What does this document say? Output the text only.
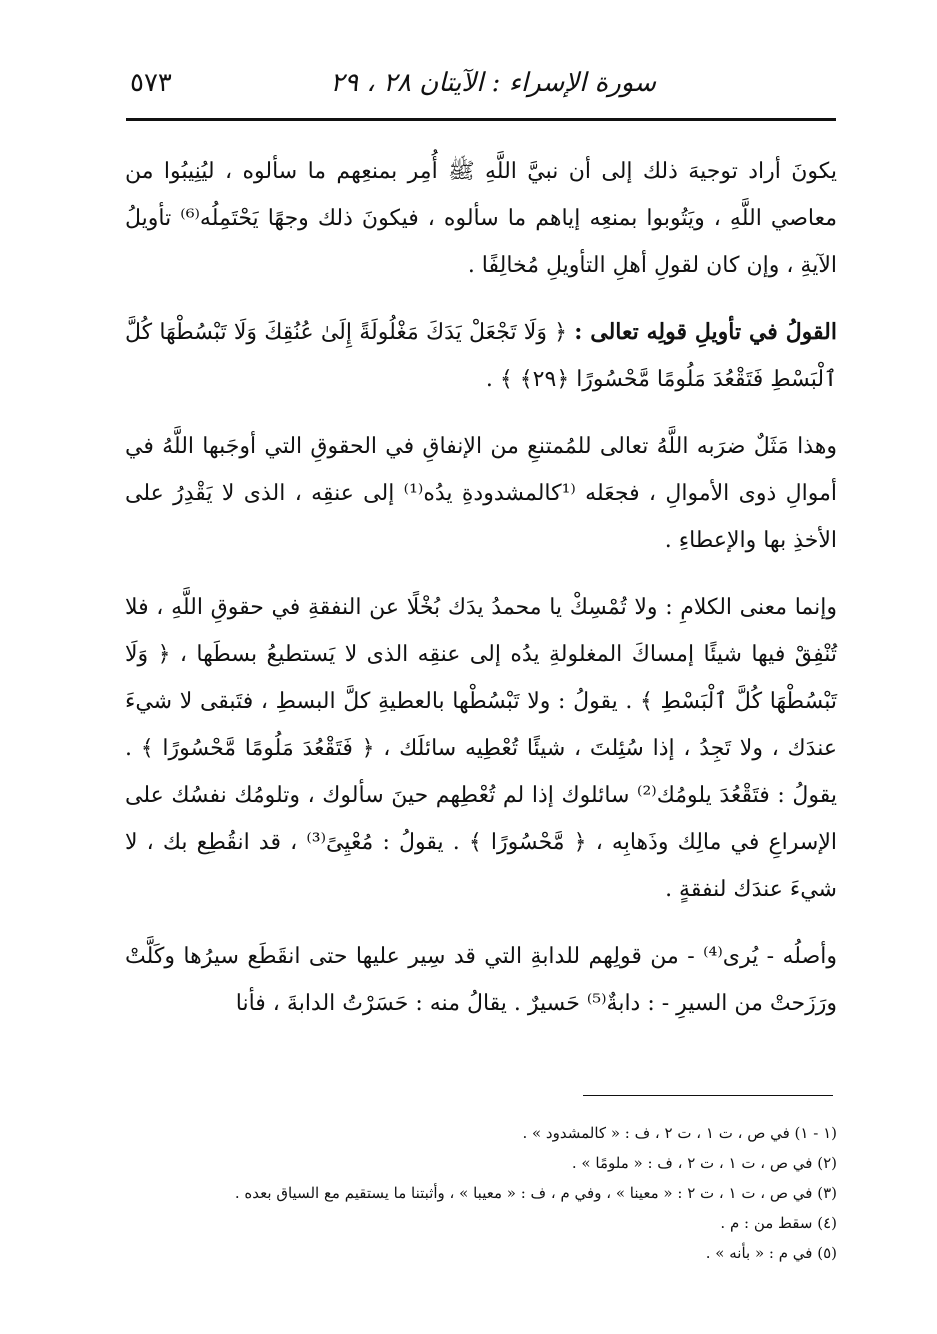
٥٧٣	سورة الإسراء : الآيتان ٢٨ ، ٢٩

يكونَ أراد توجيهَ ذلك إلى أن نبيَّ اللَّهِ ﷺ أُمِر بمنعِهم ما سألوه ، ليُنِيبُوا من معاصي اللَّهِ ، ويَتُوبوا بمنعِه إياهم ما سألوه ، فيكونَ ذلك وجهًا يَحْتَمِلُه⁽⁶⁾ تأويلُ الآيةِ ، وإن كان لقولِ أهلِ التأويلِ مُخالِفًا .

القولُ في تأويلِ قولِه تعالى : ﴿ وَلَا تَجْعَلْ يَدَكَ مَغْلُولَةً إِلَىٰ عُنُقِكَ وَلَا تَبْسُطْهَا كُلَّ ٱلْبَسْطِ فَتَقْعُدَ مَلُومًا مَّحْسُورًا ﴿٢٩﴾ ﴾ .

وهذا مَثَلٌ ضرَبه اللَّهُ تعالى للمُمتنعِ من الإنفاقِ في الحقوقِ التي أوجَبها اللَّهُ في أموالِ ذوى الأموالِ ، فجعَله ⁽¹كالمشدودةِ يدُه⁽¹⁾ إلى عنقِه ، الذى لا يَقْدِرُ على الأخذِ بها والإعطاءِ .

وإنما معنى الكلامِ : ولا تُمْسِكْ يا محمدُ يدَك بُخْلًا عن النفقةِ في حقوقِ اللَّهِ ، فلا تُنْفِقْ فيها شيئًا إمساكَ المغلولةِ يدُه إلى عنقِه الذى لا يَستطيعُ بسطَها ، ﴿ وَلَا تَبْسُطْهَا كُلَّ ٱلْبَسْطِ ﴾ . يقولُ : ولا تَبْسُطْها بالعطيةِ كلَّ البسطِ ، فتَبقى لا شيءَ عندَك ، ولا تَجِدُ ، إذا سُئِلتَ ، شيئًا تُعْطِيه سائلَك ، ﴿ فَتَقْعُدَ مَلُومًا مَّحْسُورًا ﴾ . يقولُ : فتَقْعُدَ يلومُك⁽²⁾ سائلوك إذا لم تُعْطِهم حينَ سألوك ، وتلومُك نفسُك على الإسراعِ في مالِك وذَهابِه ، ﴿ مَّحْسُورًا ﴾ . يقولُ : مُعْيِىً⁽³⁾ ، قد انقُطِع بك ، لا شيءَ عندَك لنفقةٍ .

وأصلُه - يُرى⁽⁴⁾ - من قولِهم للدابةِ التي قد سِير عليها حتى انقَطَع سيرُها وكَلَّتْ ورَزَحتْ من السيرِ - : دابةٌ⁽⁵⁾ حَسيرٌ . يقالُ منه : حَسَرْتُ الدابةَ ، فأنا

(١ - ١) في ص ، ت ١ ، ت ٢ ، ف : « كالمشدود » .

(٢) في ص ، ت ١ ، ت ٢ ، ف : « ملومًا » .

(٣) في ص ، ت ١ ، ت ٢ : « معينا » ، وفي م ، ف : « معيبا » ، وأثبتنا ما يستقيم مع السياق بعده .

(٤) سقط من : م .

(٥) في م : « بأنه » .
